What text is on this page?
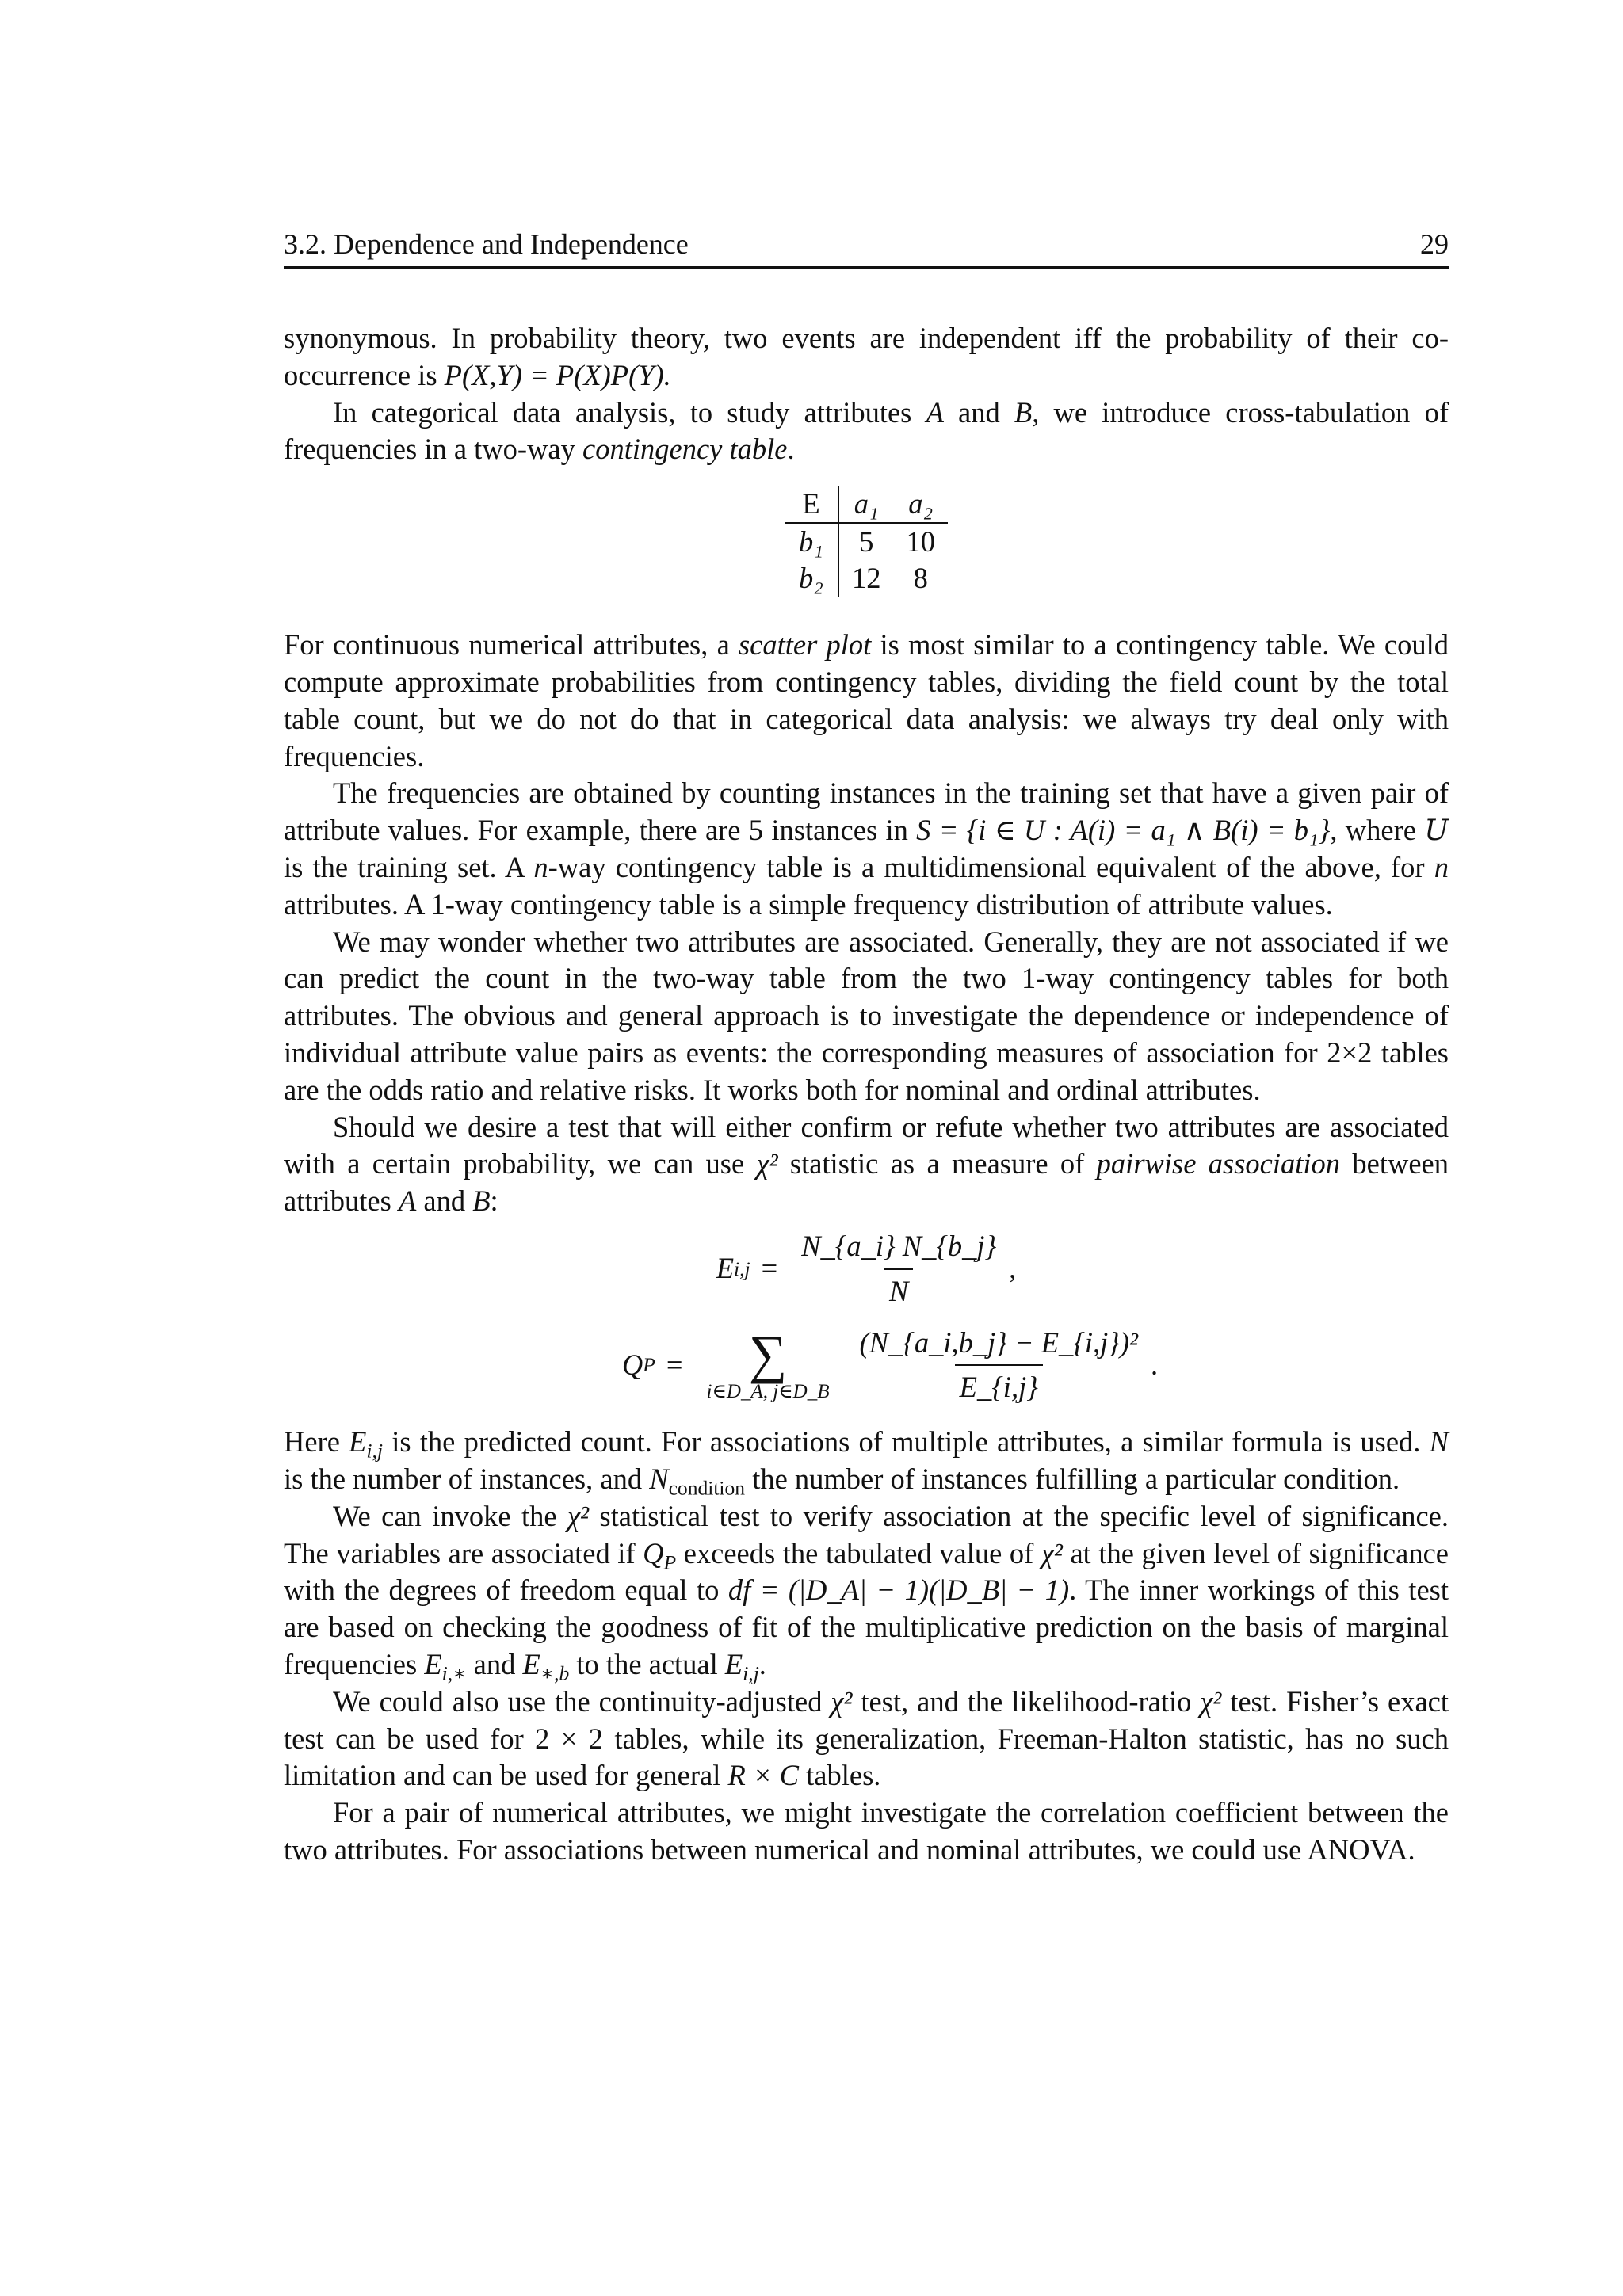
3.2. Dependence and Independence	29

synonymous. In probability theory, two events are independent iff the probability of their co-occurrence is P(X,Y) = P(X)P(Y).

In categorical data analysis, to study attributes A and B, we introduce cross-tabulation of frequencies in a two-way contingency table.

E	a₁	a₂
b₁	5	10
b₂	12	8

For continuous numerical attributes, a scatter plot is most similar to a contingency table. We could compute approximate probabilities from contingency tables, dividing the field count by the total table count, but we do not do that in categorical data analysis: we always try deal only with frequencies.

The frequencies are obtained by counting instances in the training set that have a given pair of attribute values. For example, there are 5 instances in S = {i ∈ U : A(i) = a₁ ∧ B(i) = b₁}, where U is the training set. A n-way contingency table is a multidimensional equivalent of the above, for n attributes. A 1-way contingency table is a simple frequency distribution of attribute values.

We may wonder whether two attributes are associated. Generally, they are not associated if we can predict the count in the two-way table from the two 1-way contingency tables for both attributes. The obvious and general approach is to investigate the dependence or independence of individual attribute value pairs as events: the corresponding measures of association for 2×2 tables are the odds ratio and relative risks. It works both for nominal and ordinal attributes.

Should we desire a test that will either confirm or refute whether two attributes are associated with a certain probability, we can use χ² statistic as a measure of pairwise association between attributes A and B:

E $i,j = \frac{N\_\{a\_i\} N\_\{b\_j\}}{N}$ ,
Q P = ∑
i∈D_A, j∈D_B $\frac{\text{(N\_\{a\_i,b\_j\} − E\_\{i,j\})²}}{E\_\{i,j\}}$ .

Here $E_{i,j}$ is the predicted count. For associations of multiple attributes, a similar formula is used. N is the number of instances, and $N_{condition}$ the number of instances fulfilling a particular condition.

We can invoke the χ² statistical test to verify association at the specific level of significance. The variables are associated if $Q_P$ exceeds the tabulated value of χ² at the given level of significance with the degrees of freedom equal to df = (|D_A| − 1)(|D_B| − 1). The inner workings of this test are based on checking the goodness of fit of the multiplicative prediction on the basis of marginal frequencies $E_{i,∗}$ and $E_{∗,b}$ to the actual $E_{i,j}$.

We could also use the continuity-adjusted χ² test, and the likelihood-ratio χ² test. Fisher’s exact test can be used for 2 × 2 tables, while its generalization, Freeman-Halton statistic, has no such limitation and can be used for general R × C tables.

For a pair of numerical attributes, we might investigate the correlation coefficient between the two attributes. For associations between numerical and nominal attributes, we could use ANOVA.
